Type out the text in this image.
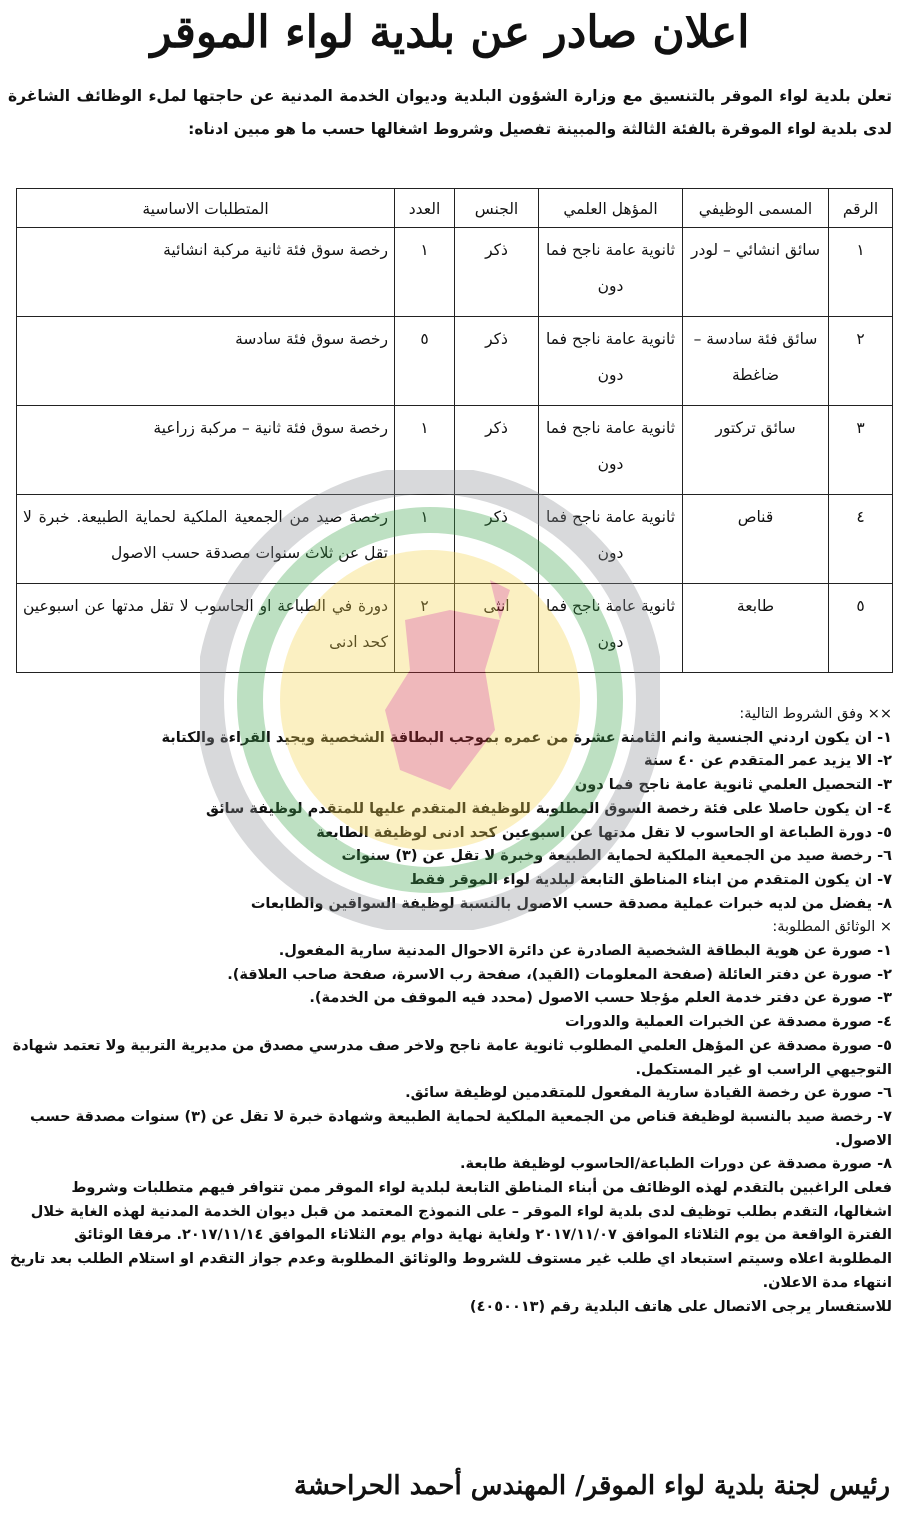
اعلان صادر عن بلدية لواء الموقر
تعلن بلدية لواء الموقر بالتنسيق مع وزارة الشؤون البلدية وديوان الخدمة المدنية عن حاجتها لملء الوظائف الشاغرة لدى بلدية لواء الموقرة بالفئة الثالثة والمبينة تفصيل وشروط اشغالها حسب ما هو مبين ادناه:
الرقم	المسمى الوظيفي	المؤهل العلمي	الجنس	العدد	المتطلبات الاساسية
١	سائق انشائي – لودر	ثانوية عامة ناجح فما دون	ذكر	١	رخصة سوق فئة ثانية مركبة انشائية
٢	سائق فئة سادسة – ضاغطة	ثانوية عامة ناجح فما دون	ذكر	٥	رخصة سوق فئة سادسة
٣	سائق تركتور	ثانوية عامة ناجح فما دون	ذكر	١	رخصة سوق فئة ثانية – مركبة زراعية
٤	قناص	ثانوية عامة ناجح فما دون	ذكر	١	رخصة صيد من الجمعية الملكية لحماية الطبيعة. خبرة لا تقل عن ثلاث سنوات مصدقة حسب الاصول
٥	طابعة	ثانوية عامة ناجح فما دون	انثى	٢	دورة في الطباعة او الحاسوب لا تقل مدتها عن اسبوعين كحد ادنى

×× وفق الشروط التالية:

١- ان يكون اردني الجنسية وانم الثامنة عشرة من عمره بموجب البطاقة الشخصية ويجيد القراءة والكتابة

٢- الا يزيد عمر المتقدم عن ٤٠ سنة

٣- التحصيل العلمي ثانوية عامة ناجح فما دون

٤- ان يكون حاصلا على فئة رخصة السوق المطلوبة للوظيفة المتقدم عليها للمتقدم لوظيفة سائق

٥- دورة الطباعة او الحاسوب لا تقل مدتها عن اسبوعين كحد ادنى لوظيفة الطابعة

٦- رخصة صيد من الجمعية الملكية لحماية الطبيعة وخبرة لا تقل عن (٣) سنوات

٧- ان يكون المتقدم من ابناء المناطق التابعة لبلدية لواء الموقر فقط

٨- يفضل من لديه خبرات عملية مصدقة حسب الاصول بالنسبة لوظيفة السواقين والطابعات

× الوثائق المطلوبة:

١- صورة عن هوية البطاقة الشخصية الصادرة عن دائرة الاحوال المدنية سارية المفعول.

٢- صورة عن دفتر العائلة (صفحة المعلومات (القيد)، صفحة رب الاسرة، صفحة صاحب العلاقة).

٣- صورة عن دفتر خدمة العلم مؤجلا حسب الاصول (محدد فيه الموقف من الخدمة).

٤- صورة مصدقة عن الخبرات العملية والدورات

٥- صورة مصدقة عن المؤهل العلمي المطلوب ثانوية عامة ناجح ولاخر صف مدرسي مصدق من مديرية التربية ولا تعتمد شهادة التوجيهي الراسب او غير المستكمل.

٦- صورة عن رخصة القيادة سارية المفعول للمتقدمين لوظيفة سائق.

٧- رخصة صيد بالنسبة لوظيفة قناص من الجمعية الملكية لحماية الطبيعة وشهادة خبرة لا تقل عن (٣) سنوات مصدقة حسب الاصول.

٨- صورة مصدقة عن دورات الطباعة/الحاسوب لوظيفة طابعة.

فعلى الراغبين بالتقدم لهذه الوظائف من أبناء المناطق التابعة لبلدية لواء الموقر ممن تتوافر فيهم متطلبات وشروط اشغالها، التقدم بطلب توظيف لدى بلدية لواء الموقر – على النموذج المعتمد من قبل ديوان الخدمة المدنية لهذه الغاية خلال الفترة الواقعة من يوم الثلاثاء الموافق ٢٠١٧/١١/٠٧ ولغاية نهاية دوام يوم الثلاثاء الموافق ٢٠١٧/١١/١٤. مرفقا الوثائق المطلوبة اعلاه وسيتم استبعاد اي طلب غير مستوف للشروط والوثائق المطلوبة وعدم جواز التقدم او استلام الطلب بعد تاريخ انتهاء مدة الاعلان.

للاستفسار يرجى الاتصال على هاتف البلدية رقم (٤٠٥٠٠١٣)

رئيس لجنة بلدية لواء الموقر/ المهندس أحمد الحراحشة
